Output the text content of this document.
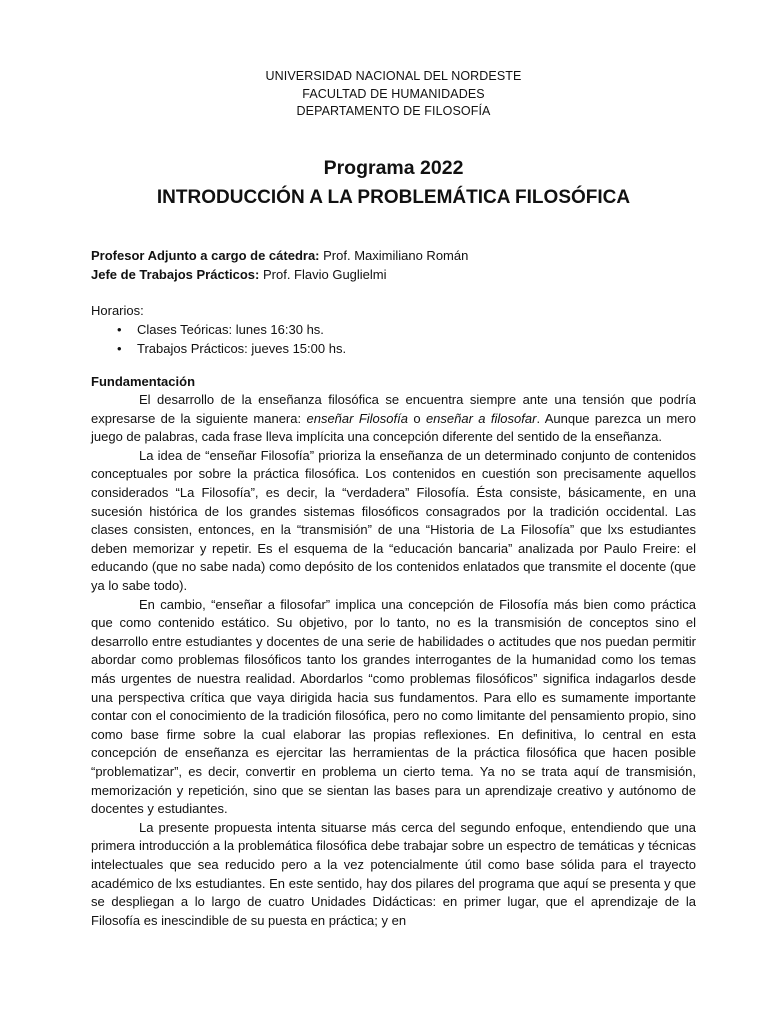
UNIVERSIDAD NACIONAL DEL NORDESTE
FACULTAD DE HUMANIDADES
DEPARTAMENTO DE FILOSOFÍA
Programa 2022
INTRODUCCIÓN A LA PROBLEMÁTICA FILOSÓFICA
Profesor Adjunto a cargo de cátedra: Prof. Maximiliano Román
Jefe de Trabajos Prácticos: Prof. Flavio Guglielmi
Horarios:
• Clases Teóricas: lunes 16:30 hs.
• Trabajos Prácticos: jueves 15:00 hs.
Fundamentación

El desarrollo de la enseñanza filosófica se encuentra siempre ante una tensión que podría expresarse de la siguiente manera: enseñar Filosofía o enseñar a filosofar. Aunque parezca un mero juego de palabras, cada frase lleva implícita una concepción diferente del sentido de la enseñanza.

La idea de “enseñar Filosofía” prioriza la enseñanza de un determinado conjunto de contenidos conceptuales por sobre la práctica filosófica. Los contenidos en cuestión son precisamente aquellos considerados “La Filosofía”, es decir, la “verdadera” Filosofía. Ésta consiste, básicamente, en una sucesión histórica de los grandes sistemas filosóficos consagrados por la tradición occidental. Las clases consisten, entonces, en la “transmisión” de una “Historia de La Filosofía” que lxs estudiantes deben memorizar y repetir. Es el esquema de la “educación bancaria” analizada por Paulo Freire: el educando (que no sabe nada) como depósito de los contenidos enlatados que transmite el docente (que ya lo sabe todo).

En cambio, “enseñar a filosofar” implica una concepción de Filosofía más bien como práctica que como contenido estático. Su objetivo, por lo tanto, no es la transmisión de conceptos sino el desarrollo entre estudiantes y docentes de una serie de habilidades o actitudes que nos puedan permitir abordar como problemas filosóficos tanto los grandes interrogantes de la humanidad como los temas más urgentes de nuestra realidad. Abordarlos “como problemas filosóficos” significa indagarlos desde una perspectiva crítica que vaya dirigida hacia sus fundamentos. Para ello es sumamente importante contar con el conocimiento de la tradición filosófica, pero no como limitante del pensamiento propio, sino como base firme sobre la cual elaborar las propias reflexiones. En definitiva, lo central en esta concepción de enseñanza es ejercitar las herramientas de la práctica filosófica que hacen posible “problematizar”, es decir, convertir en problema un cierto tema. Ya no se trata aquí de transmisión, memorización y repetición, sino que se sientan las bases para un aprendizaje creativo y autónomo de docentes y estudiantes.

La presente propuesta intenta situarse más cerca del segundo enfoque, entendiendo que una primera introducción a la problemática filosófica debe trabajar sobre un espectro de temáticas y técnicas intelectuales que sea reducido pero a la vez potencialmente útil como base sólida para el trayecto académico de lxs estudiantes. En este sentido, hay dos pilares del programa que aquí se presenta y que se despliegan a lo largo de cuatro Unidades Didácticas: en primer lugar, que el aprendizaje de la Filosofía es inescindible de su puesta en práctica; y en
